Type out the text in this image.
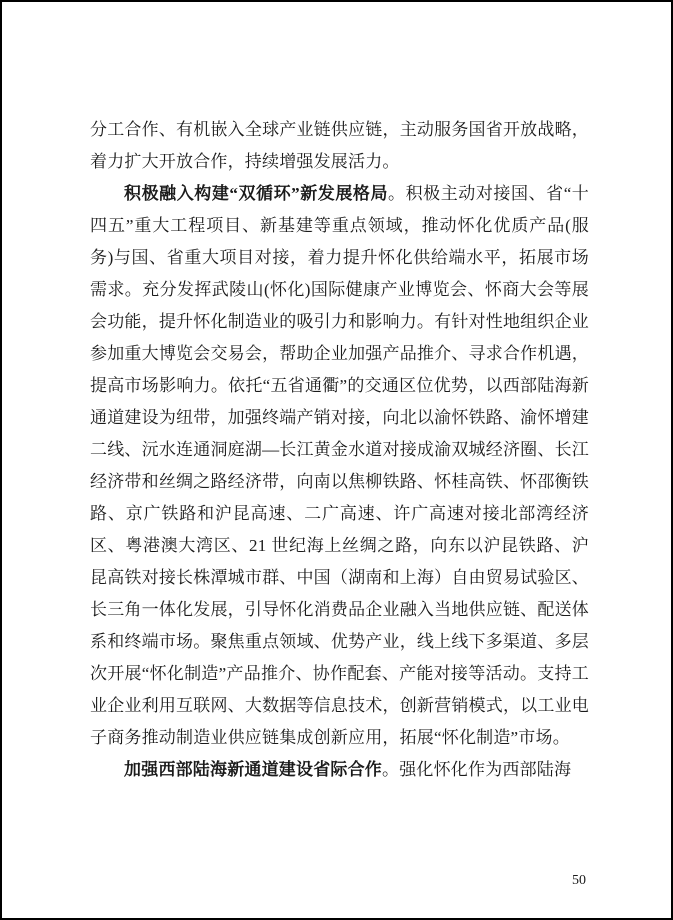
分工合作、有机嵌入全球产业链供应链，主动服务国省开放战略，着力扩大开放合作，持续增强发展活力。

积极融入构建“双循环”新发展格局。积极主动对接国、省“十四五”重大工程项目、新基建等重点领域，推动怀化优质产品(服务)与国、省重大项目对接，着力提升怀化供给端水平，拓展市场需求。充分发挥武陵山(怀化)国际健康产业博览会、怀商大会等展会功能，提升怀化制造业的吸引力和影响力。有针对性地组织企业参加重大博览会交易会，帮助企业加强产品推介、寻求合作机遇，提高市场影响力。依托“五省通衢”的交通区位优势，以西部陆海新通道建设为纽带，加强终端产销对接，向北以渝怀铁路、渝怀增建二线、沅水连通洞庭湖—长江黄金水道对接成渝双城经济圈、长江经济带和丝绸之路经济带，向南以焦柳铁路、怀桂高铁、怀邵衡铁路、京广铁路和沪昆高速、二广高速、许广高速对接北部湾经济区、粤港澳大湾区、21 世纪海上丝绸之路，向东以沪昆铁路、沪昆高铁对接长株潭城市群、中国（湖南和上海）自由贸易试验区、长三角一体化发展，引导怀化消费品企业融入当地供应链、配送体系和终端市场。聚焦重点领域、优势产业，线上线下多渠道、多层次开展“怀化制造”产品推介、协作配套、产能对接等活动。支持工业企业利用互联网、大数据等信息技术，创新营销模式，以工业电子商务推动制造业供应链集成创新应用，拓展“怀化制造”市场。

加强西部陆海新通道建设省际合作。强化怀化作为西部陆海

50
